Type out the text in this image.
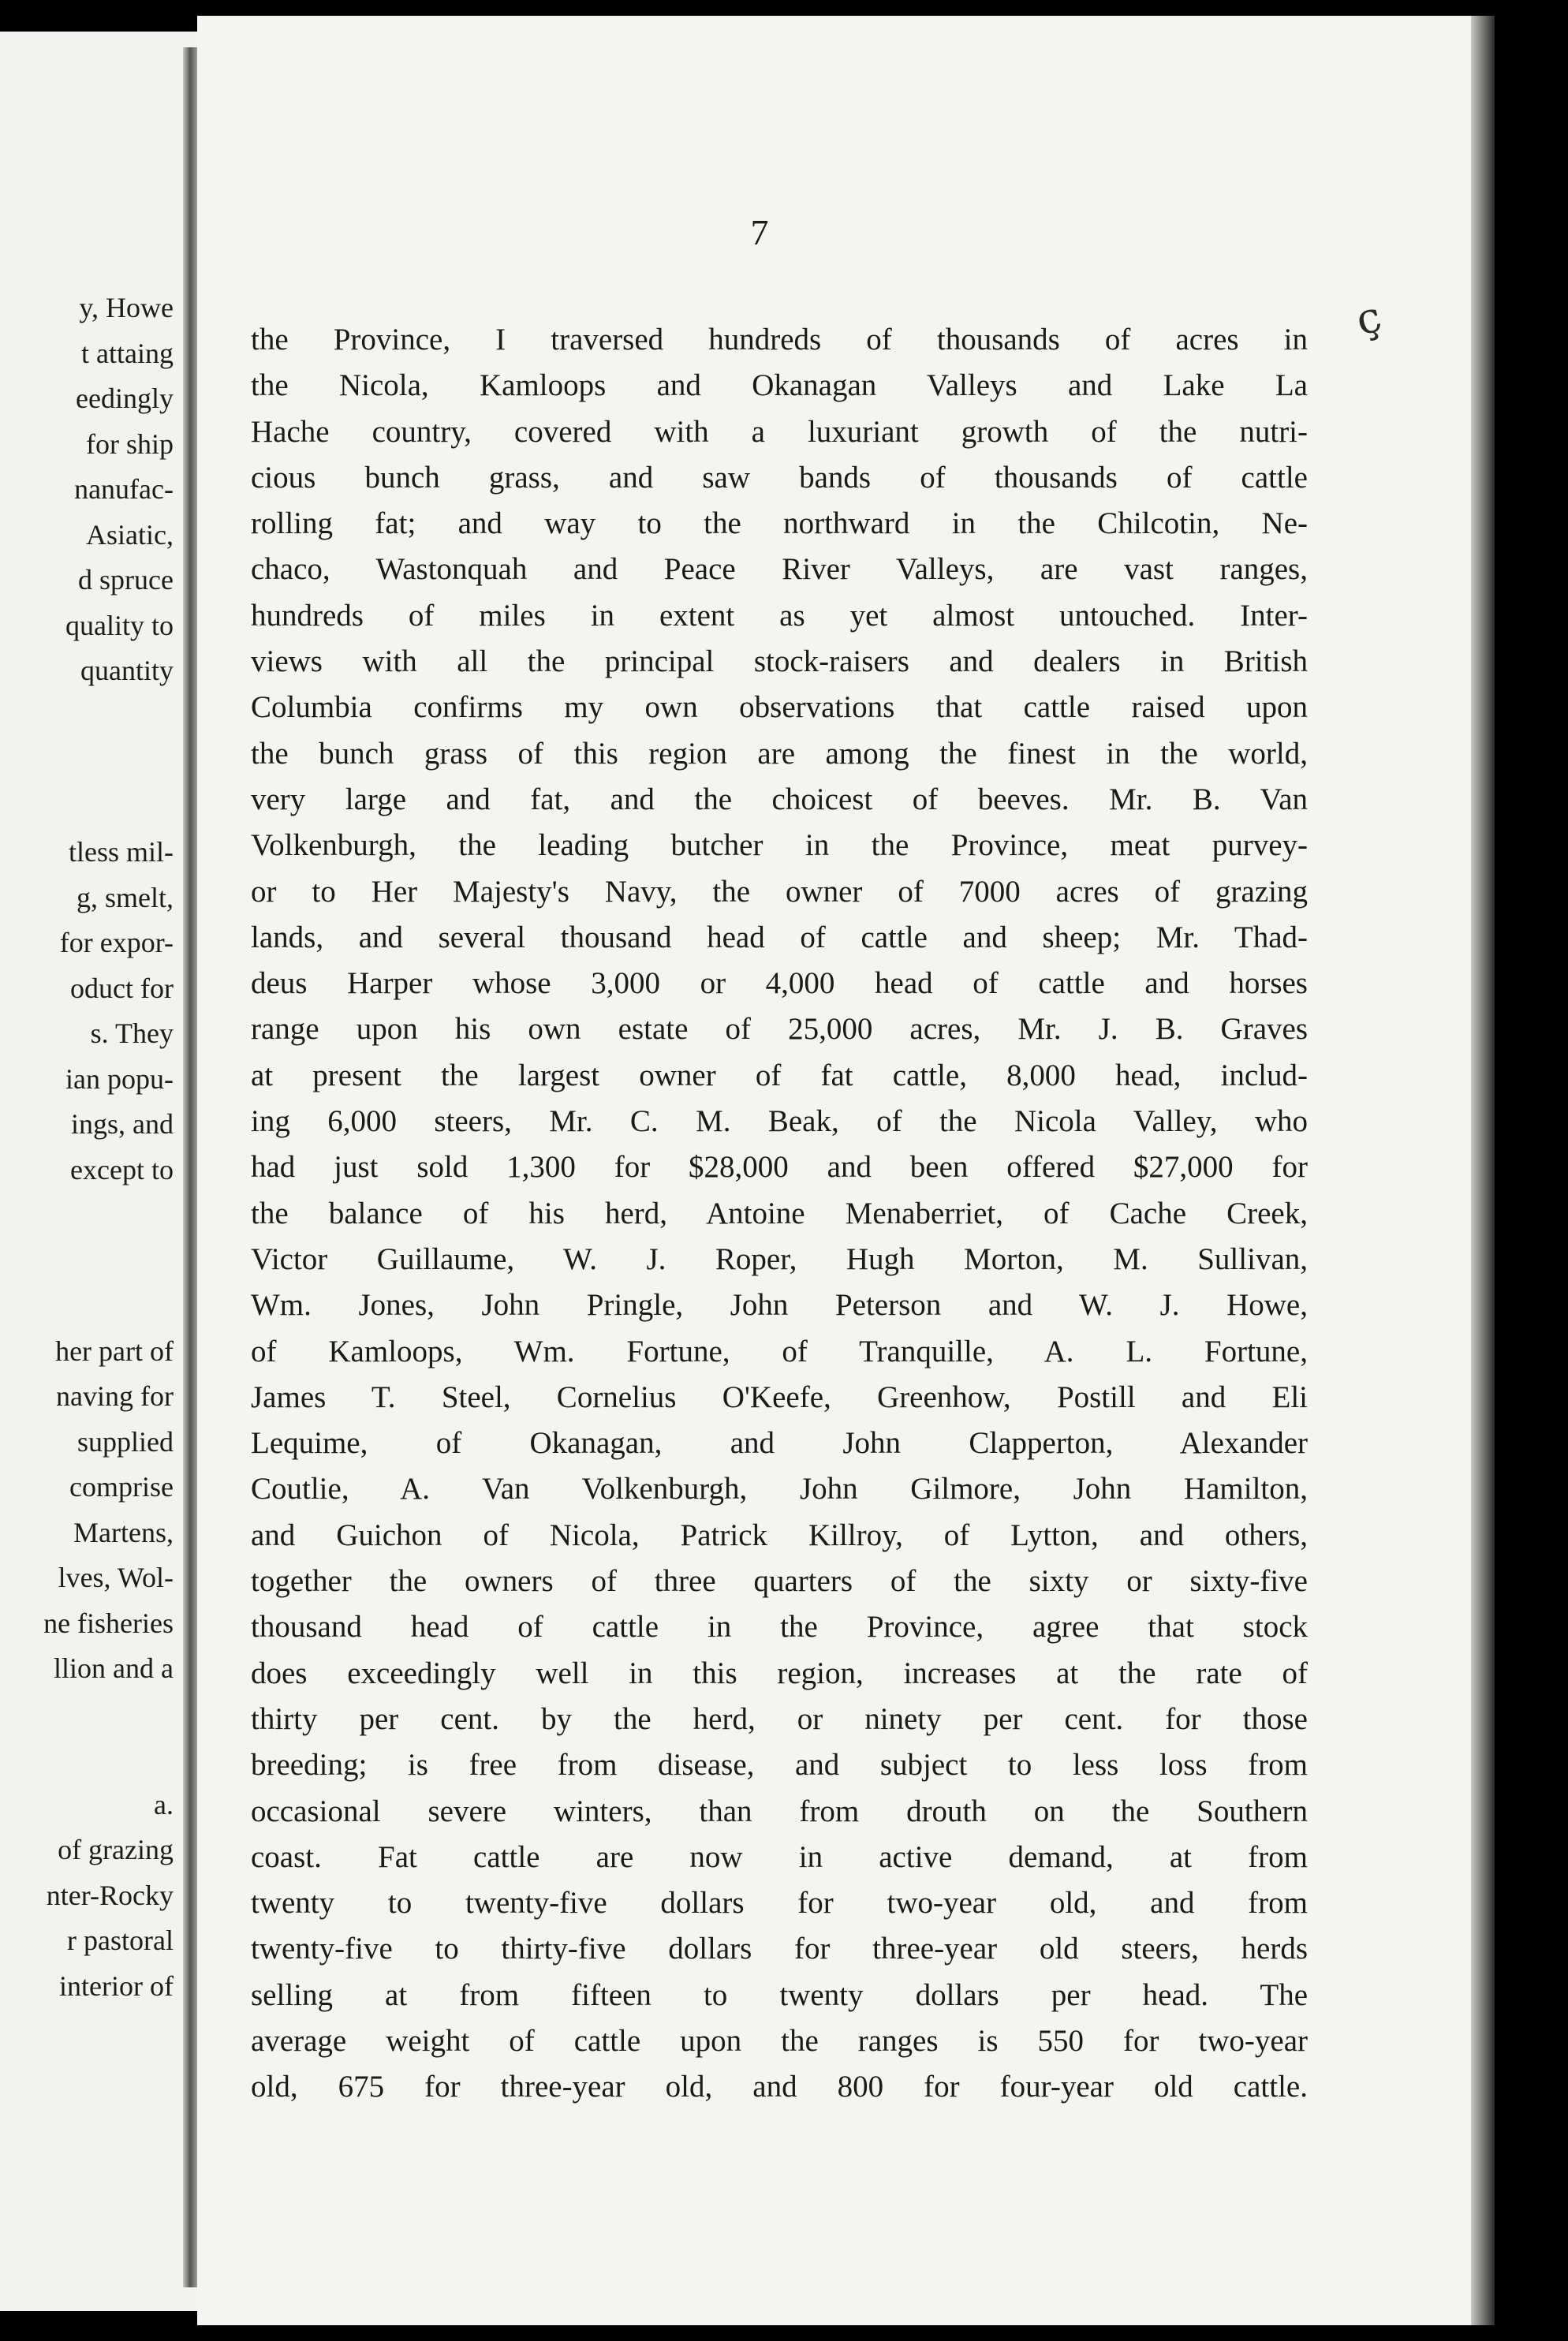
y, Howe
t attaing
eedingly
for ship
nanufac-
Asiatic,
d spruce
quality to
quantity
tless mil-
g, smelt,
for expor-
oduct for
s. They
ian popu-
ings, and
except to
her part of
naving for
supplied
comprise
Martens,
lves, Wol-
ne fisheries
llion and a
a.
of grazing
nter-Rocky
r pastoral
interior of
7
the Province, I traversed hundreds of thousands of acres in
the Nicola, Kamloops and Okanagan Valleys and Lake La
Hache country, covered with a luxuriant growth of the nutri-
cious bunch grass, and saw bands of thousands of cattle
rolling fat; and way to the northward in the Chilcotin, Ne-
chaco, Wastonquah and Peace River Valleys, are vast ranges,
hundreds of miles in extent as yet almost untouched. Inter-
views with all the principal stock-raisers and dealers in British
Columbia confirms my own observations that cattle raised upon
the bunch grass of this region are among the finest in the world,
very large and fat, and the choicest of beeves. Mr. B. Van
Volkenburgh, the leading butcher in the Province, meat purvey-
or to Her Majesty's Navy, the owner of 7000 acres of grazing
lands, and several thousand head of cattle and sheep; Mr. Thad-
deus Harper whose 3,000 or 4,000 head of cattle and horses
range upon his own estate of 25,000 acres, Mr. J. B. Graves
at present the largest owner of fat cattle, 8,000 head, includ-
ing 6,000 steers, Mr. C. M. Beak, of the Nicola Valley, who
had just sold 1,300 for $28,000 and been offered $27,000 for
the balance of his herd, Antoine Menaberriet, of Cache Creek,
Victor Guillaume, W. J. Roper, Hugh Morton, M. Sullivan,
Wm. Jones, John Pringle, John Peterson and W. J. Howe,
of Kamloops, Wm. Fortune, of Tranquille, A. L. Fortune,
James T. Steel, Cornelius O'Keefe, Greenhow, Postill and Eli
Lequime, of Okanagan, and John Clapperton, Alexander
Coutlie, A. Van Volkenburgh, John Gilmore, John Hamilton,
and Guichon of Nicola, Patrick Killroy, of Lytton, and others,
together the owners of three quarters of the sixty or sixty-five
thousand head of cattle in the Province, agree that stock
does exceedingly well in this region, increases at the rate of
thirty per cent. by the herd, or ninety per cent. for those
breeding; is free from disease, and subject to less loss from
occasional severe winters, than from drouth on the Southern
coast. Fat cattle are now in active demand, at from
twenty to twenty-five dollars for two-year old, and from
twenty-five to thirty-five dollars for three-year old steers, herds
selling at from fifteen to twenty dollars per head. The
average weight of cattle upon the ranges is 550 for two-year
old, 675 for three-year old, and 800 for four-year old cattle.
ç
